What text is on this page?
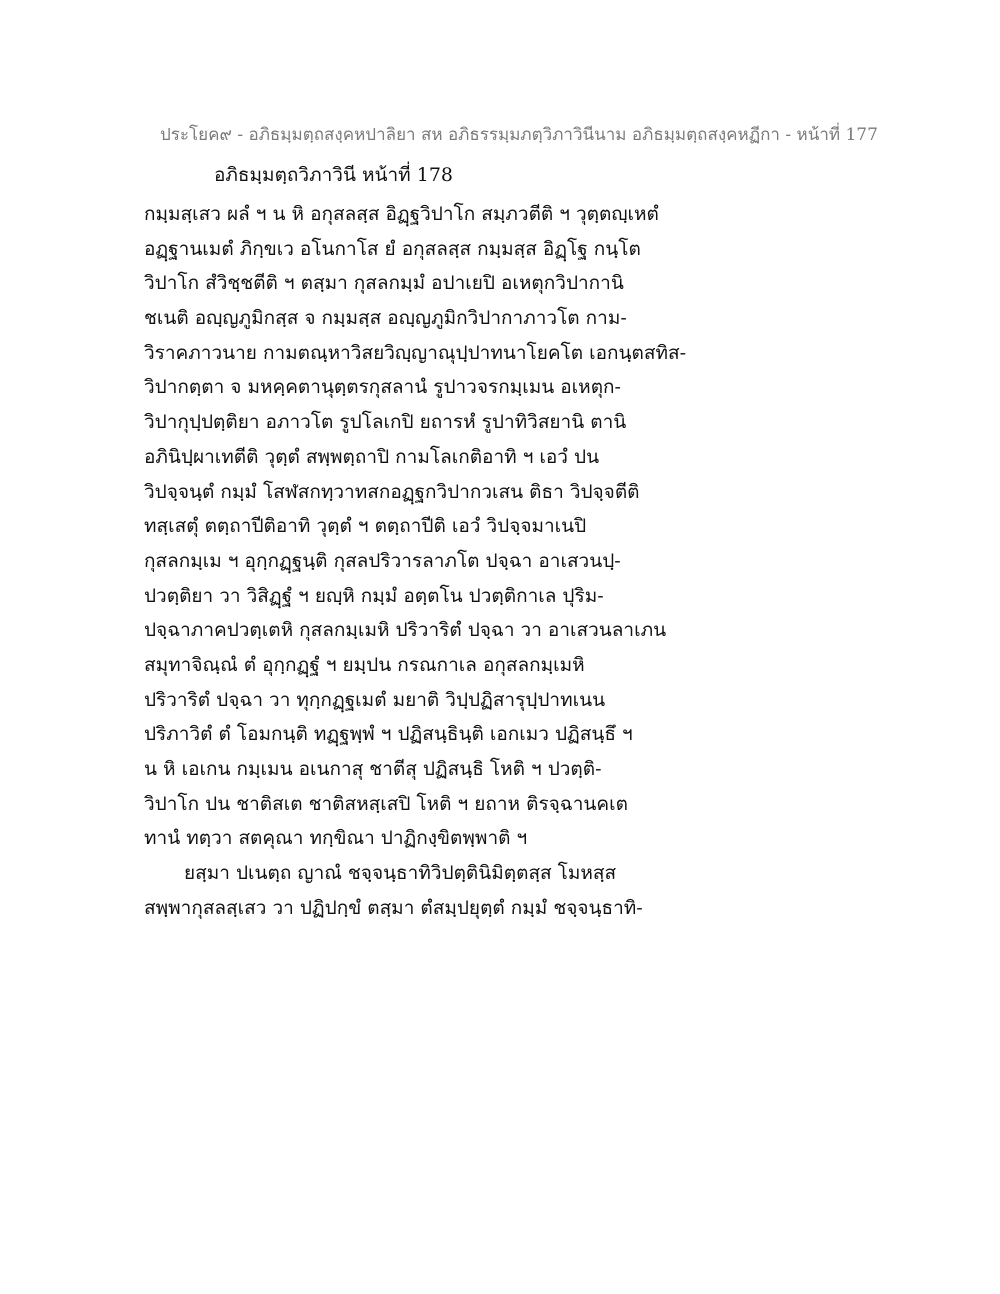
ประโยค๙ - อภิธมฺมตฺถสงฺคหปาลิยา สห อภิธรรมฺมภตฺวิภาวินีนาม อภิธมฺมตฺถสงฺคหฏีกา - หน้าที่ 177
อภิธมฺมตฺถวิภาวินี หน้าที่ 178
กมฺมสฺเสว ผลํ ฯ น หิ อกุสลสฺส อิฏฺฐวิปาโก สมฺภวตีติ ฯ วุตฺตญฺเหตํ
อฏฺฐานเมตํ ภิกฺขเว อโนกาโส ยํ อกุสลสฺส กมฺมสฺส อิฏฺโฐ กนฺโต
วิปาโก สํวิชฺชตีติ ฯ ตสฺมา กุสลกมฺมํ อปาเยปิ อเหตุกวิปากานิ
ชเนติ อญฺญภูมิกสฺส จ กมฺมสฺส อญฺญภูมิกวิปากาภาวโต กาม-
วิราคภาวนาย กามตณฺหาวิสยวิญฺญาณุปฺปาทนาโยคโต เอกนฺตสทิส-
วิปากตฺตา จ มหคฺคตานุตฺตรกุสลานํ รูปาวจรกมฺเมน อเหตุก-
วิปากุปฺปตฺติยา อภาวโต รูปโลเกปิ ยถารหํ รูปาทิวิสยานิ ตานิ
อภินิปฺผาเทตีติ วุตฺตํ สพฺพตฺถาปิ กามโลเกติอาทิ ฯ เอวํ ปน
วิปจฺจนฺตํ กมฺมํ โสฬสกทฺวาทสกอฏฺฐกวิปากวเสน ติธา วิปจฺจตีติ
ทสฺเสตุํ ตตฺถาปีติอาทิ วุตฺตํ ฯ ตตฺถาปีติ เอวํ วิปจฺจมาเนปิ
กุสลกมฺเม ฯ อุกฺกฏฺฐนฺติ กุสลปริวารลาภโต ปจฺฉา อาเสวนปฺ-
ปวตฺติยา วา วิสิฏฺฐํ ฯ ยญฺหิ กมฺมํ อตฺตโน ปวตฺติกาเล ปุริม-
ปจฺฉาภาคปวตฺเตหิ กุสลกมฺเมหิ ปริวาริตํ ปจฺฉา วา อาเสวนลาเภน
สมุทาจิณฺณํ ตํ อุกฺกฏฺฐํ ฯ ยมฺปน กรณกาเล อกุสลกมฺเมหิ
ปริวาริตํ ปจฺฉา วา ทุกฺกฏฺฐเมตํ มยาติ วิปฺปฏิสารุปฺปาทเนน
ปริภาวิตํ ตํ โอมกนฺติ ทฏฺฐพฺพํ ฯ ปฏิสนฺธินฺติ เอกเมว ปฏิสนฺธึ ฯ
น หิ เอเกน กมฺเมน อเนกาสุ ชาตีสุ ปฏิสนฺธิ โหติ ฯ ปวตฺติ-
วิปาโก ปน ชาติสเต ชาติสหสฺเสปิ โหติ ฯ ยถาห ติรจฺฉานคเต
ทานํ ทตฺวา สตคุณา ทกฺขิณา ปาฏิกงฺขิตพฺพาติ ฯ
ยสฺมา ปเนตฺถ ญาณํ ชจฺจนฺธาทิวิปตฺตินิมิตฺตสฺส โมหสฺส
สพฺพากุสลสฺเสว วา ปฏิปกฺขํ ตสฺมา ตํสมฺปยุตฺตํ กมฺมํ ชจฺจนฺธาทิ-
